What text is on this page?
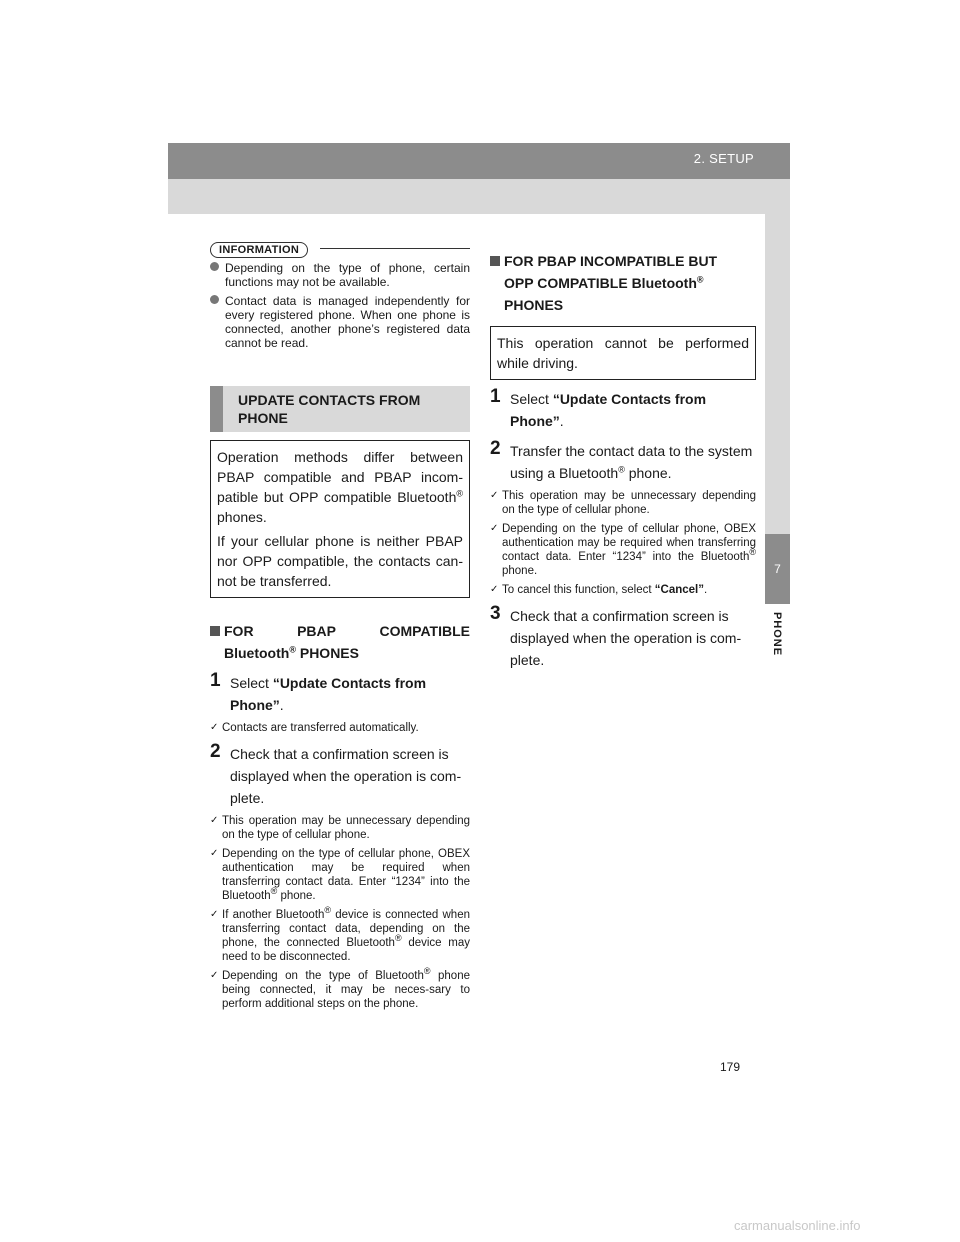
2. SETUP
7
PHONE
INFORMATION
Depending on the type of phone, certain functions may not be available.
Contact data is managed independently for every registered phone. When one phone is connected, another phone’s registered data cannot be read.
UPDATE CONTACTS FROM
PHONE

Operation methods differ between PBAP compatible and PBAP incom-patible but OPP compatible Bluetooth® phones.

If your cellular phone is neither PBAP nor OPP compatible, the contacts can-not be transferred.

FOR	PBAP	COMPATIBLE
Bluetooth® PHONES
1 Select “Update Contacts from Phone”.
✓ Contacts are transferred automatically.
2 Check that a confirmation screen is displayed when the operation is com-plete.
✓ This operation may be unnecessary depending on the type of cellular phone.
✓ Depending on the type of cellular phone, OBEX authentication may be required when transferring contact data. Enter “1234” into the Bluetooth® phone.
✓ If another Bluetooth® device is connected when transferring contact data, depending on the phone, the connected Bluetooth® device may need to be disconnected.
✓ Depending on the type of Bluetooth® phone being connected, it may be neces-sary to perform additional steps on the phone.
FOR PBAP INCOMPATIBLE BUT
OPP COMPATIBLE Bluetooth®
PHONES

This operation cannot be performed while driving.

1 Select “Update Contacts from Phone”.
2 Transfer the contact data to the system using a Bluetooth® phone.
✓ This operation may be unnecessary depending on the type of cellular phone.
✓ Depending on the type of cellular phone, OBEX authentication may be required when transferring contact data. Enter “1234” into the Bluetooth® phone.
✓ To cancel this function, select “Cancel”.
3 Check that a confirmation screen is displayed when the operation is com-plete.
179
carmanualsonline.info
